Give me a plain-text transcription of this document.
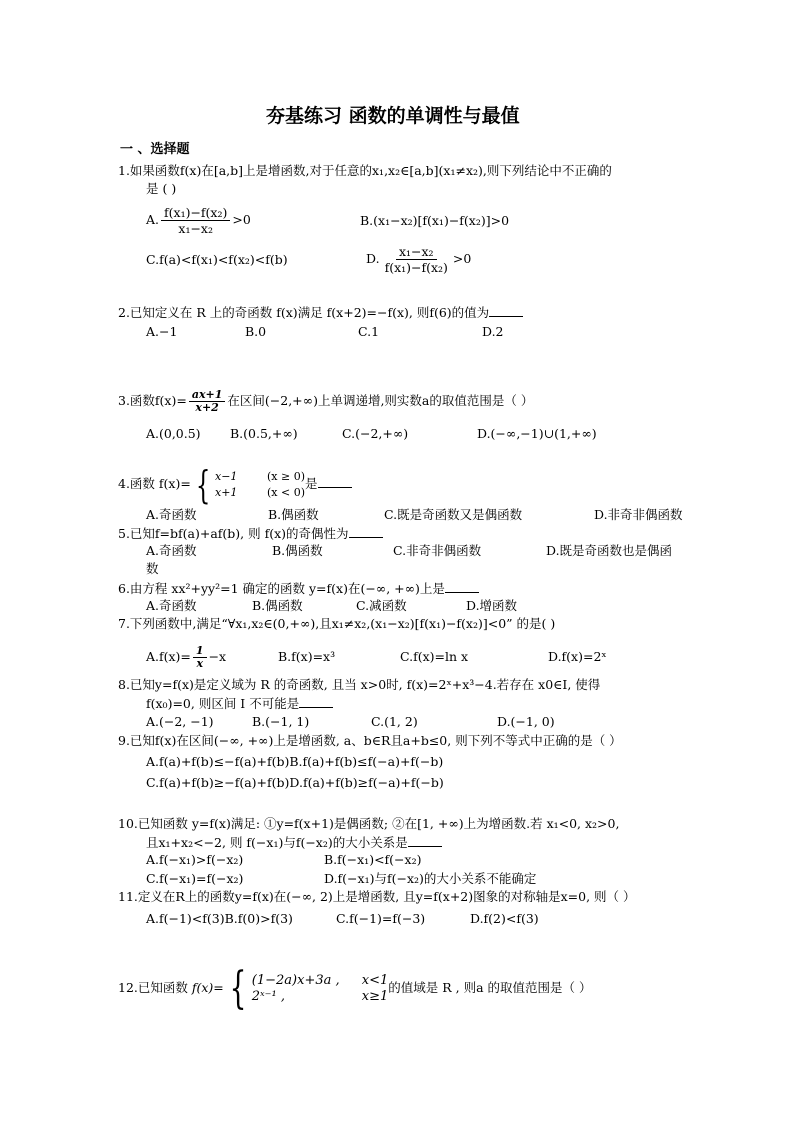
夯基练习 函数的单调性与最值
一 、选择题
1.如果函数f(x)在[a,b]上是增函数,对于任意的x₁,x₂∈[a,b](x₁≠x₂),则下列结论中不正确的
是 ( )
A. $\frac{\text{f(x₁)−f(x₂)}}{\text{x₁−x₂}} >0$	B.(x₁−x₂)[f(x₁)−f(x₂)]>0
C.f(a)<f(x₁)<f(x₂)<f(b)	D. $\frac{\text{x₁−x₂}}{\text{f(x₁)−f(x₂)}} >0$
2.已知定义在 R 上的奇函数 f(x)满足 f(x+2)=−f(x), 则f(6)的值为
A.−1	B.0	C.1	D.2
3.函数$f(x)= \frac{ax+1}{x+2}$ 在区间(−2,+∞)上单调递增,则实数a的取值范围是（ ）
A.(0,0.5) B.(0.5,+∞)	C.(−2,+∞)	D.(−∞,−1)∪(1,+∞)
4.函数 f(x)= { x−1	(x ≥ 0)
x+1	(x < 0)
是
A.奇函数	B.偶函数	C.既是奇函数又是偶函数	D.非奇非偶函数
5.已知f=bf(a)+af(b), 则 f(x)的奇偶性为
A.奇函数	B.偶函数	C.非奇非偶函数	D.既是奇函数也是偶函
数
6.由方程 xx²+yy²=1 确定的函数 y=f(x)在(−∞, +∞)上是
A.奇函数	B.偶函数	C.减函数	D.增函数
7.下列函数中,满足“∀x₁,x₂∈(0,+∞),且x₁≠x₂,(x₁−x₂)[f(x₁)−f(x₂)]<0” 的是( )
$A.f(x)= \frac{1}{x} -x$	B.f(x)=x³	C.f(x)=ln x	D.f(x)=2ˣ
8.已知y=f(x)是定义域为 R 的奇函数, 且当 x>0时, f(x)=2ˣ+x³−4.若存在 x0∈I, 使得
f(x₀)=0, 则区间 I 不可能是
A.(−2, −1)	B.(−1, 1)	C.(1, 2)	D.(−1, 0)
9.已知f(x)在区间(−∞, +∞)上是增函数, a、b∈R且a+b≤0, 则下列不等式中正确的是（ ）
A.f(a)+f(b)≤−f(a)+f(b)B.f(a)+f(b)≤f(−a)+f(−b)
C.f(a)+f(b)≥−f(a)+f(b)D.f(a)+f(b)≥f(−a)+f(−b)
10.已知函数 y=f(x)满足: ①y=f(x+1)是偶函数; ②在[1, +∞)上为增函数.若 x₁<0, x₂>0,
且x₁+x₂<−2, 则 f(−x₁)与f(−x₂)的大小关系是
A.f(−x₁)>f(−x₂)	B.f(−x₁)<f(−x₂)
C.f(−x₁)=f(−x₂)	D.f(−x₁)与f(−x₂)的大小关系不能确定
11.定义在R上的函数y=f(x)在(−∞, 2)上是增函数, 且y=f(x+2)图象的对称轴是x=0, 则（ ）
A.f(−1)<f(3)B.f(0)>f(3)	C.f(−1)=f(−3)	D.f(2)<f(3)
12.已知函数 f(x)= { (1−2a)x+3a , x<1
2ˣ⁻¹ ,	x≥1
的值域是 R , 则a 的取值范围是（ ）
